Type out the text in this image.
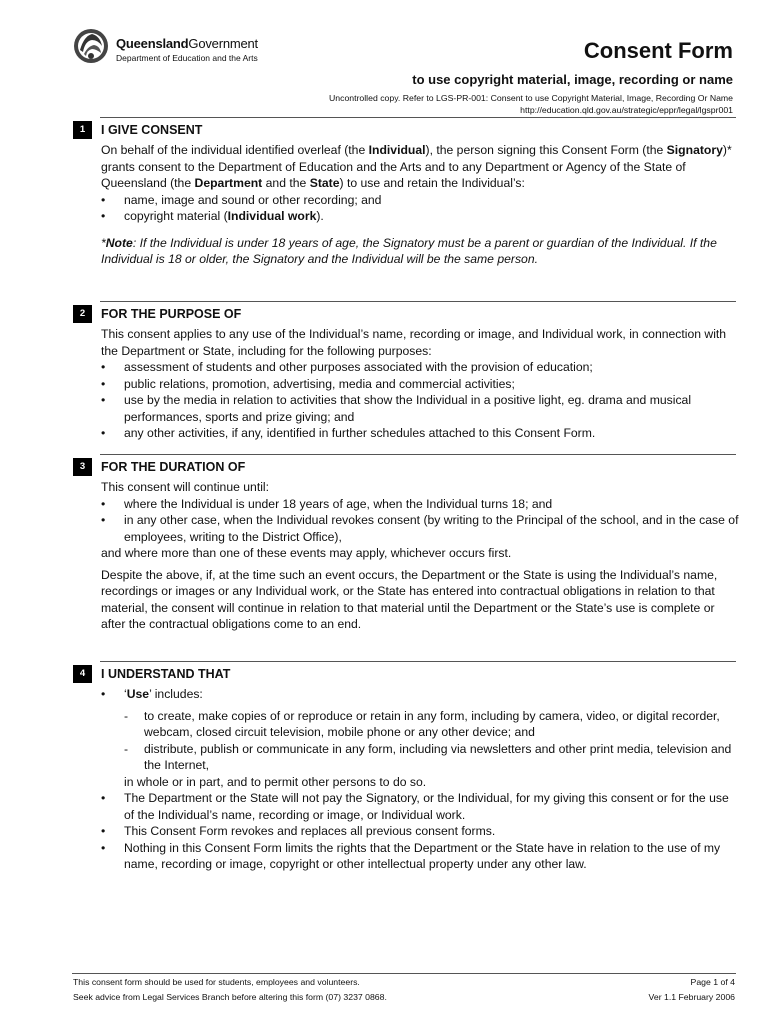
QueenslandGovernment
Department of Education and the Arts	Consent Form
to use copyright material, image, recording or name
Uncontrolled copy. Refer to LGS-PR-001: Consent to use Copyright Material, Image, Recording Or Name
http://education.qld.gov.au/strategic/eppr/legal/lgspr001
1	I GIVE CONSENT

On behalf of the individual identified overleaf (the Individual), the person signing this Consent Form (the Signatory)* grants consent to the Department of Education and the Arts and to any Department or Agency of the State of Queensland (the Department and the State) to use and retain the Individual’s:

• name, image and sound or other recording; and
• copyright material (Individual work).

*Note: If the Individual is under 18 years of age, the Signatory must be a parent or guardian of the Individual. If the Individual is 18 or older, the Signatory and the Individual will be the same person.

2	FOR THE PURPOSE OF

This consent applies to any use of the Individual’s name, recording or image, and Individual work, in connection with the Department or State, including for the following purposes:

• assessment of students and other purposes associated with the provision of education;
• public relations, promotion, advertising, media and commercial activities;
• use by the media in relation to activities that show the Individual in a positive light, eg. drama and musical performances, sports and prize giving; and
• any other activities, if any, identified in further schedules attached to this Consent Form.
3	FOR THE DURATION OF

This consent will continue until:

• where the Individual is under 18 years of age, when the Individual turns 18; and
• in any other case, when the Individual revokes consent (by writing to the Principal of the school, and in the case of employees, writing to the District Office),

and where more than one of these events may apply, whichever occurs first.

Despite the above, if, at the time such an event occurs, the Department or the State is using the Individual’s name, recordings or images or any Individual work, or the State has entered into contractual obligations in relation to that material, the consent will continue in relation to that material until the Department or the State’s use is complete or after the contractual obligations come to an end.

4	I UNDERSTAND THAT
• ‘Use’ includes:
- to create, make copies of or reproduce or retain in any form, including by camera, video, or digital recorder, webcam, closed circuit television, mobile phone or any other device; and
- distribute, publish or communicate in any form, including via newsletters and other print media, television and the Internet,

in whole or in part, and to permit other persons to do so.

• The Department or the State will not pay the Signatory, or the Individual, for my giving this consent or for the use of the Individual’s name, recording or image, or Individual work.
• This Consent Form revokes and replaces all previous consent forms.
• Nothing in this Consent Form limits the rights that the Department or the State have in relation to the use of my name, recording or image, copyright or other intellectual property under any other law.
This consent form should be used for students, employees and volunteers.
Seek advice from Legal Services Branch before altering this form (07) 3237 0868.
Page 1 of 4
Ver 1.1 February 2006
